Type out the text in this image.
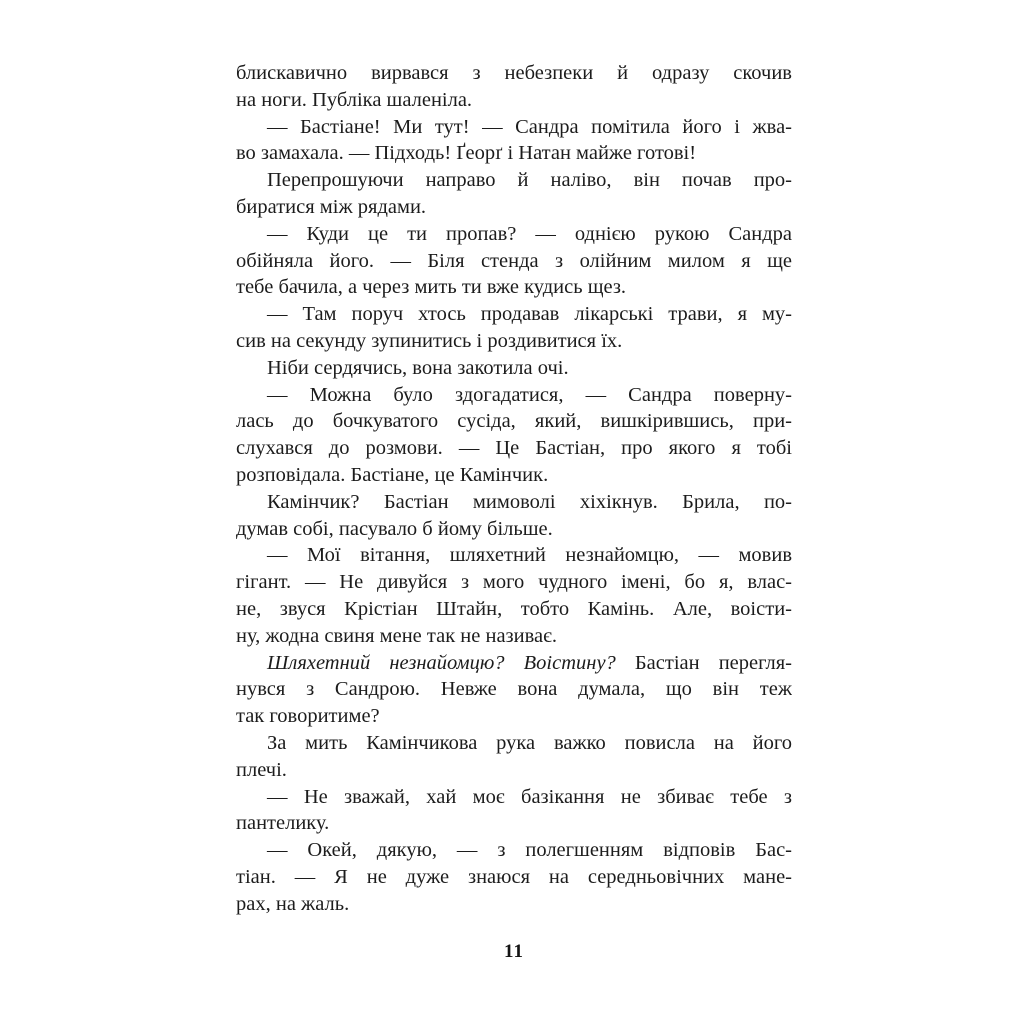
блискавично вирвався з небезпеки й одразу скочив
на ноги. Публіка шаленіла.
— Бастіане! Ми тут! — Сандра помітила його і жва-
во замахала. — Підходь! Ґеорґ і Натан майже готові!
Перепрошуючи направо й наліво, він почав про-
биратися між рядами.
— Куди це ти пропав? — однією рукою Сандра
обійняла його. — Біля стенда з олійним милом я ще
тебе бачила, а через мить ти вже кудись щез.
— Там поруч хтось продавав лікарські трави, я му-
сив на секунду зупинитись і роздивитися їх.
Ніби сердячись, вона закотила очі.
— Можна було здогадатися, — Сандра поверну-
лась до бочкуватого сусіда, який, вишкірившись, при-
слухався до розмови. — Це Бастіан, про якого я тобі
розповідала. Бастіане, це Камінчик.
Камінчик? Бастіан мимоволі хіхікнув. Брила, по-
думав собі, пасувало б йому більше.
— Мої вітання, шляхетний незнайомцю, — мовив
гігант. — Не дивуйся з мого чудного імені, бо я, влас-
не, звуся Крістіан Штайн, тобто Камінь. Але, воісти-
ну, жодна свиня мене так не називає.
Шляхетний незнайомцю? Воістину? Бастіан перегля-
нувся з Сандрою. Невже вона думала, що він теж
так говоритиме?
За мить Камінчикова рука важко повисла на його
плечі.
— Не зважай, хай моє базікання не збиває тебе з
пантелику.
— Окей, дякую, — з полегшенням відповів Бас-
тіан. — Я не дуже знаюся на середньовічних мане-
рах, на жаль.
11
